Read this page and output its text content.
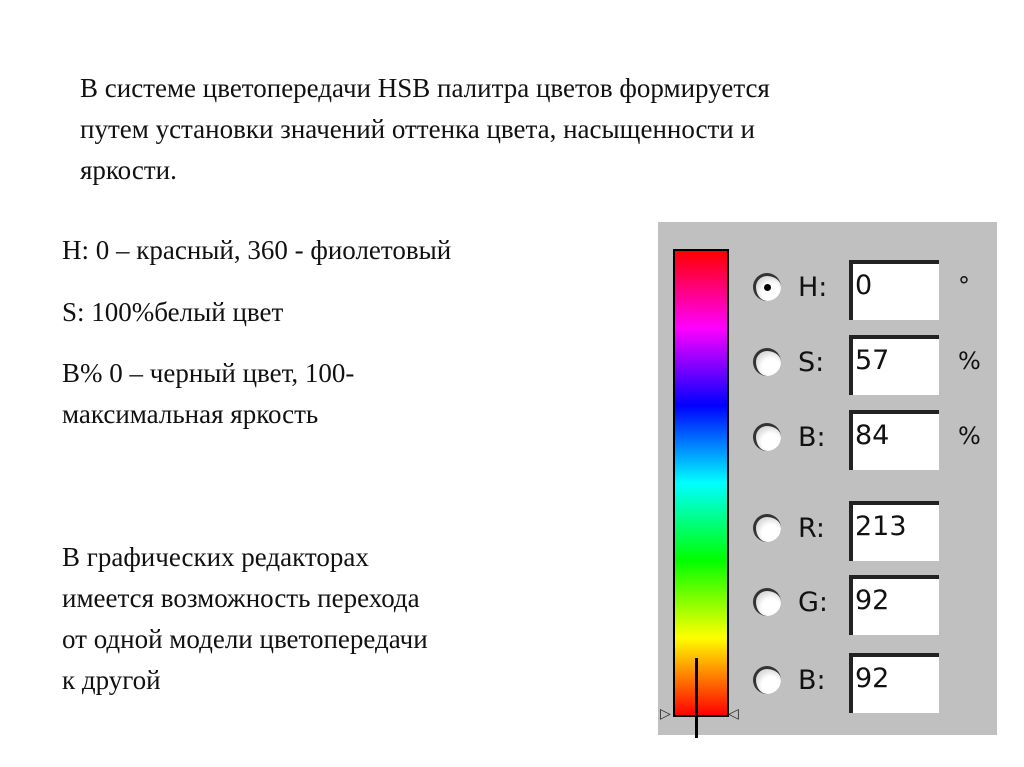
В системе цветопередачи HSB палитра цветов формируется
путем установки значений оттенка цвета, насыщенности и
яркости.
H: 0 – красный, 360 - фиолетовый
S: 100%белый цвет
B% 0 – черный цвет, 100-
максимальная яркость
В графических редакторах
имеется возможность перехода
от одной модели цветопередачи
к другой
▷	◁
H: 0	°
S: 57	%
B: 84	%
R: 213
G: 92
B: 92
